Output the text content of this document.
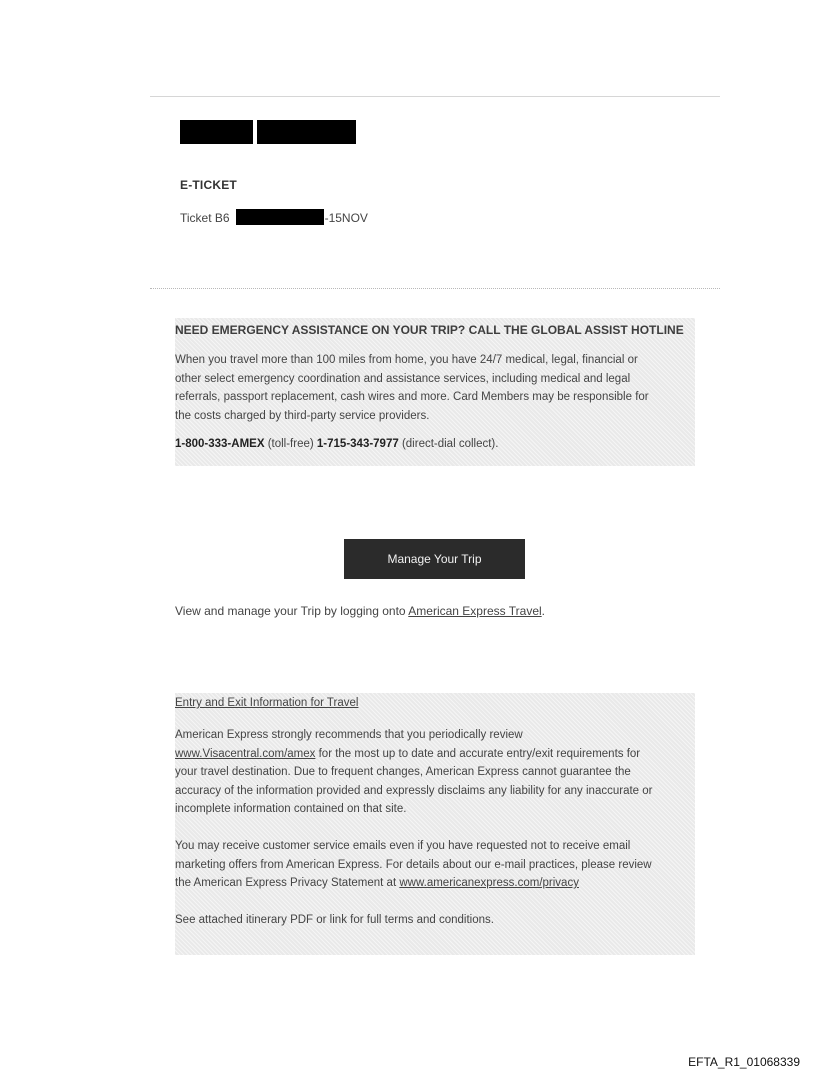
E-TICKET
Ticket B6	-15NOV

NEED EMERGENCY ASSISTANCE ON YOUR TRIP? CALL THE GLOBAL ASSIST HOTLINE

When you travel more than 100 miles from home, you have 24/7 medical, legal, financial or
other select emergency coordination and assistance services, including medical and legal
referrals, passport replacement, cash wires and more. Card Members may be responsible for
the costs charged by third-party service providers.

1-800-333-AMEX (toll-free) 1-715-343-7977 (direct-dial collect).

Manage Your Trip
View and manage your Trip by logging onto American Express Travel.

Entry and Exit Information for Travel

American Express strongly recommends that you periodically review
www.Visacentral.com/amex for the most up to date and accurate entry/exit requirements for
your travel destination. Due to frequent changes, American Express cannot guarantee the
accuracy of the information provided and expressly disclaims any liability for any inaccurate or
incomplete information contained on that site.

You may receive customer service emails even if you have requested not to receive email
marketing offers from American Express. For details about our e-mail practices, please review
the American Express Privacy Statement at www.americanexpress.com/privacy

See attached itinerary PDF or link for full terms and conditions.

EFTA_R1_01068339
